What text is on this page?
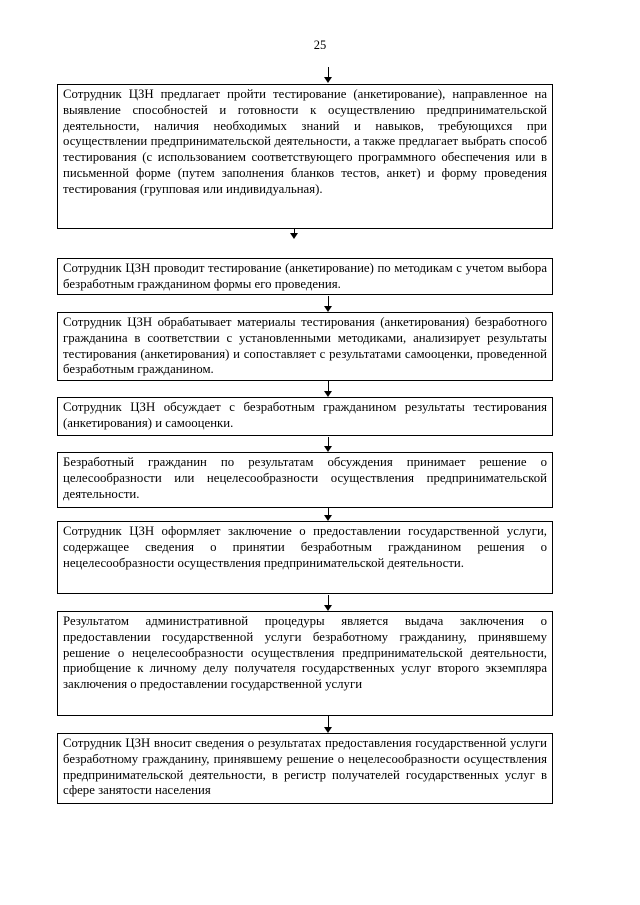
25
Сотрудник ЦЗН предлагает пройти тестирование (анкетирование), направленное на выявление способностей и готовности к осуществлению предпринимательской деятельности, наличия необходимых знаний и навыков, требующихся при осуществлении предпринимательской деятельности, а также предлагает выбрать способ тестирования (с использованием соответствующего программного обеспечения или в письменной форме (путем заполнения бланков тестов, анкет) и форму проведения тестирования (групповая или индивидуальная).
Сотрудник ЦЗН проводит тестирование (анкетирование) по методикам с учетом выбора безработным гражданином формы его проведения.
Сотрудник ЦЗН обрабатывает материалы тестирования (анкетирования) безработного гражданина в соответствии с установленными методиками, анализирует результаты тестирования (анкетирования) и сопоставляет с результатами самооценки, проведенной безработным гражданином.
Сотрудник ЦЗН обсуждает с безработным гражданином результаты тестирования (анкетирования) и самооценки.
Безработный гражданин по результатам обсуждения принимает решение о целесообразности или нецелесообразности осуществления предпринимательской деятельности.
Сотрудник ЦЗН оформляет заключение о предоставлении государственной услуги, содержащее сведения о принятии безработным гражданином решения о нецелесообразности осуществления предпринимательской деятельности.
Результатом административной процедуры является выдача заключения о предоставлении государственной услуги безработному гражданину, принявшему решение о нецелесообразности осуществления предпринимательской деятельности, приобщение к личному делу получателя государственных услуг второго экземпляра заключения о предоставлении государственной услуги
Сотрудник ЦЗН вносит сведения о результатах предоставления государственной услуги безработному гражданину, принявшему решение о нецелесообразности осуществления предпринимательской деятельности, в регистр получателей государственных услуг в сфере занятости населения
